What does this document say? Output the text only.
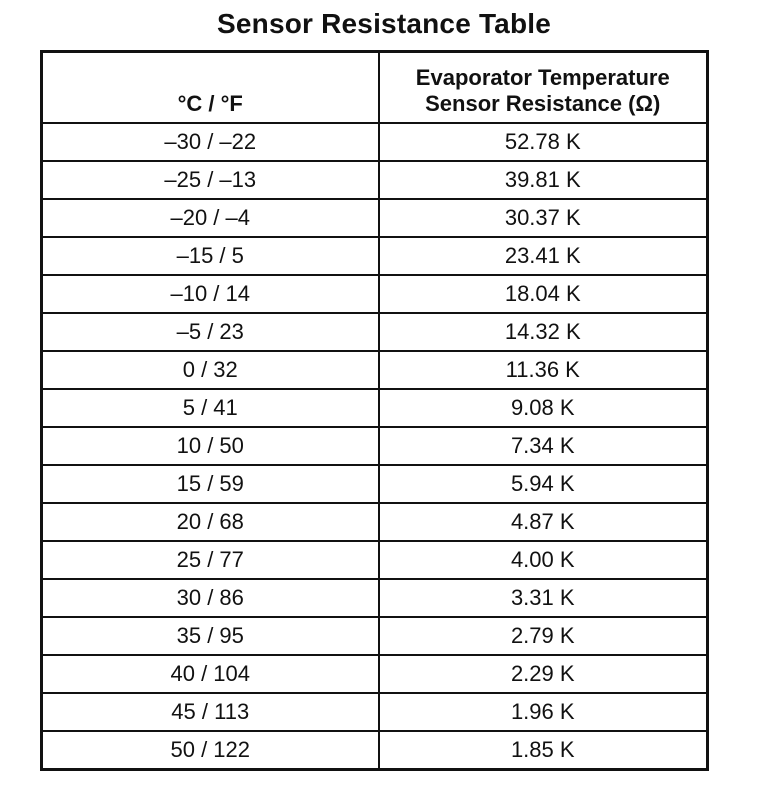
Sensor Resistance Table
°C / °F	Evaporator Temperature Sensor Resistance (Ω)
–30 / –22	52.78 K
–25 / –13	39.81 K
–20 / –4	30.37 K
–15 / 5	23.41 K
–10 / 14	18.04 K
–5 / 23	14.32 K
0 / 32	11.36 K
5 / 41	9.08 K
10 / 50	7.34 K
15 / 59	5.94 K
20 / 68	4.87 K
25 / 77	4.00 K
30 / 86	3.31 K
35 / 95	2.79 K
40 / 104	2.29 K
45 / 113	1.96 K
50 / 122	1.85 K
